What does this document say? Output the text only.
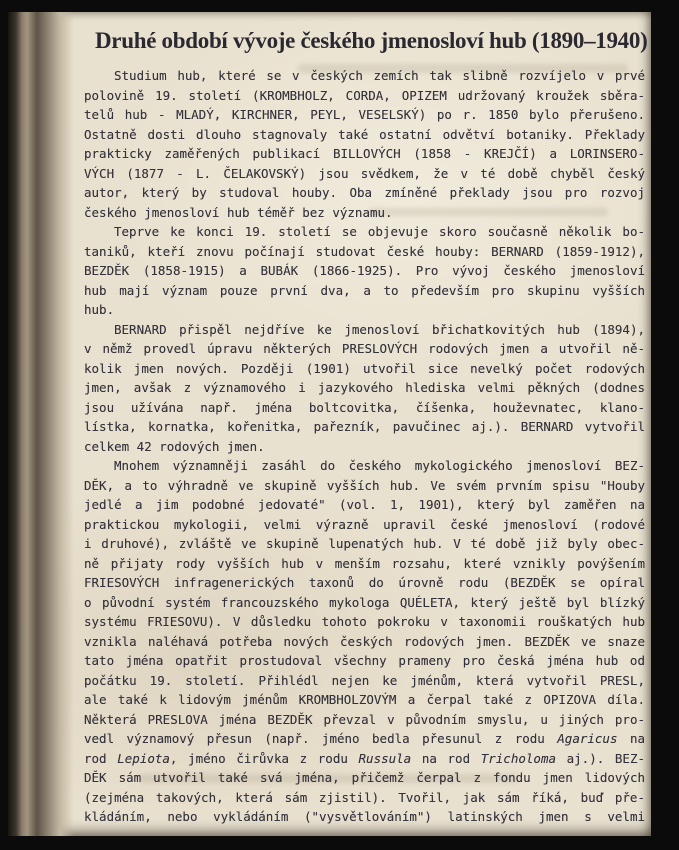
Druhé období vývoje českého jmenosloví hub (1890–1940)
Studium hub, které se v českých zemích tak slibně rozvíjelo v prvé
polovině 19. století (KROMBHOLZ, CORDA, OPIZEM udržovaný kroužek sběra-
telů hub - MLADÝ, KIRCHNER, PEYL, VESELSKÝ) po r. 1850 bylo přerušeno.
Ostatně dosti dlouho stagnovaly také ostatní odvětví botaniky. Překlady
prakticky zaměřených publikací BILLOVÝCH (1858 - KREJČÍ) a LORINSERO-
VÝCH (1877 - L. ČELAKOVSKÝ) jsou svědkem, že v té době chyběl český
autor, který by studoval houby. Oba zmíněné překlady jsou pro rozvoj
českého jmenosloví hub téměř bez významu.
Teprve ke konci 19. století se objevuje skoro současně několik bo-
taniků, kteří znovu počínají studovat české houby: BERNARD (1859-1912),
BEZDĚK (1858-1915) a BUBÁK (1866-1925). Pro vývoj českého jmenosloví
hub mají význam pouze první dva, a to především pro skupinu vyšších
hub.
BERNARD přispěl nejdříve ke jmenosloví břichatkovitých hub (1894),
v němž provedl úpravu některých PRESLOVÝCH rodových jmen a utvořil ně-
kolik jmen nových. Později (1901) utvořil sice nevelký počet rodových
jmen, avšak z významového i jazykového hlediska velmi pěkných (dodnes
jsou užívána např. jména boltcovitka, číšenka, houževnatec, klano-
lístka, kornatka, kořenitka, pařezník, pavučinec aj.). BERNARD vytvořil
celkem 42 rodových jmen.
Mnohem významněji zasáhl do českého mykologického jmenosloví BEZ-
DĚK, a to výhradně ve skupině vyšších hub. Ve svém prvním spisu "Houby
jedlé a jim podobné jedovaté" (vol. 1, 1901), který byl zaměřen na
praktickou mykologii, velmi výrazně upravil české jmenosloví (rodové
i druhové), zvláště ve skupině lupenatých hub. V té době již byly obec-
ně přijaty rody vyšších hub v menším rozsahu, které vznikly povýšením
FRIESOVÝCH infragenerických taxonů do úrovně rodu (BEZDĚK se opíral
o původní systém francouzského mykologa QUÉLETA, který ještě byl blízký
systému FRIESOVU). V důsledku tohoto pokroku v taxonomii rouškatých hub
vznikla naléhavá potřeba nových českých rodových jmen. BEZDĚK ve snaze
tato jména opatřit prostudoval všechny prameny pro česká jména hub od
počátku 19. století. Přihlédl nejen ke jménům, která vytvořil PRESL,
ale také k lidovým jménům KROMBHOLZOVÝM a čerpal také z OPIZOVA díla.
Některá PRESLOVA jména BEZDĚK převzal v původním smyslu, u jiných pro-
vedl významový přesun (např. jméno bedla přesunul z rodu Agaricus na
rod Lepiota, jméno čirůvka z rodu Russula na rod Tricholoma aj.). BEZ-
DĚK sám utvořil také svá jména, přičemž čerpal z fondu jmen lidových
(zejména takových, která sám zjistil). Tvořil, jak sám říká, buď pře-
kládáním, nebo vykládáním ("vysvětlováním") latinských jmen s velmi
